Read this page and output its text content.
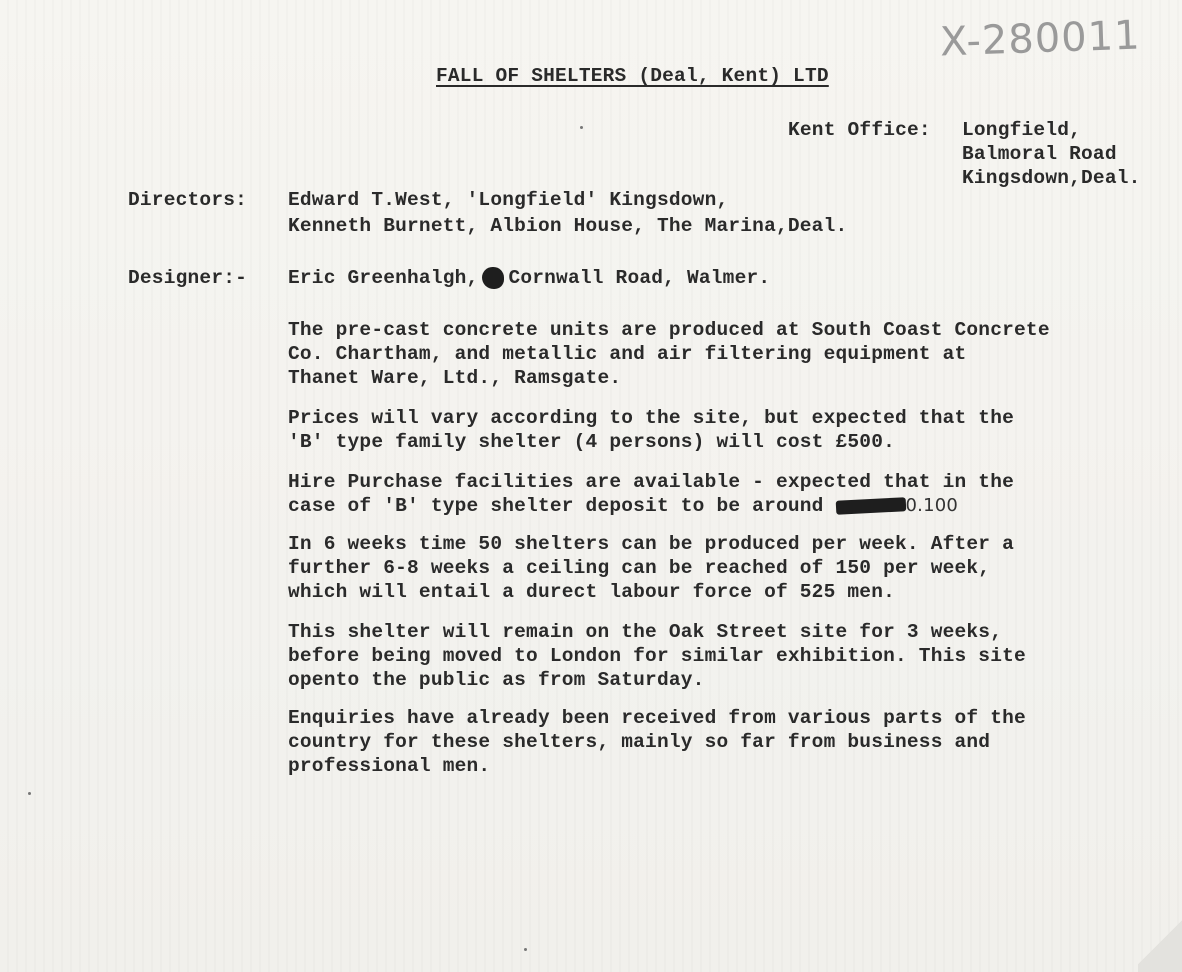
X-280011
FALL OF SHELTERS (Deal, Kent) LTD
Kent Office: Longfield,
Balmoral Road
Kingsdown,Deal.
Directors: Edward T.West, 'Longfield' Kingsdown,
Kenneth Burnett, Albion House, The Marina,Deal.
Designer:- Eric Greenhalgh, Cornwall Road, Walmer.
The pre-cast concrete units are produced at South Coast Concrete
Co. Chartham, and metallic and air filtering equipment at
Thanet Ware, Ltd., Ramsgate.
Prices will vary according to the site, but expected that the
'B' type family shelter (4 persons) will cost £500.
Hire Purchase facilities are available - expected that in the
case of 'B' type shelter deposit to be around	0.100
In 6 weeks time 50 shelters can be produced per week. After a
further 6-8 weeks a ceiling can be reached of 150 per week,
which will entail a durect labour force of 525 men.
This shelter will remain on the Oak Street site for 3 weeks,
before being moved to London for similar exhibition. This site
opento the public as from Saturday.
Enquiries have already been received from various parts of the
country for these shelters, mainly so far from business and
professional men.
